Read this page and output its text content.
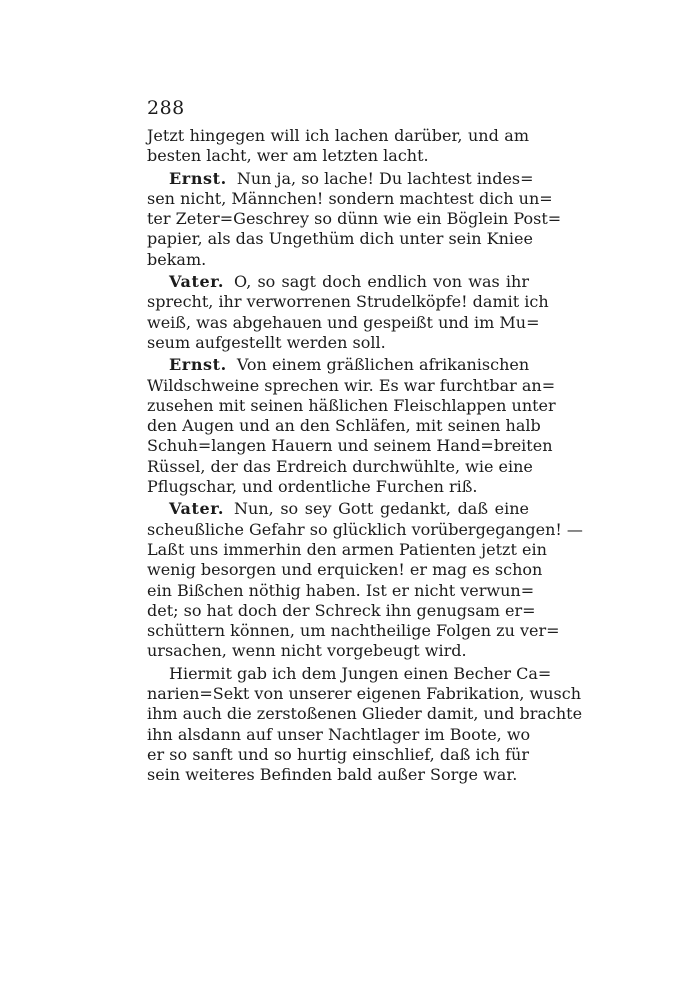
288
Jetzt hingegen will ich lachen darüber, und am
besten lacht, wer am letzten lacht.
Ernst. Nun ja, so lache! Du lachtest indes=
sen nicht, Männchen! sondern machtest dich un=
ter Zeter=Geschrey so dünn wie ein Böglein Post=
papier, als das Ungethüm dich unter sein Kniee
bekam.
Vater. O, so sagt doch endlich von was ihr
sprecht, ihr verworrenen Strudelköpfe! damit ich
weiß, was abgehauen und gespeißt und im Mu=
seum aufgestellt werden soll.
Ernst. Von einem gräßlichen afrikanischen
Wildschweine sprechen wir. Es war furchtbar an=
zusehen mit seinen häßlichen Fleischlappen unter
den Augen und an den Schläfen, mit seinen halb
Schuh=langen Hauern und seinem Hand=breiten
Rüssel, der das Erdreich durchwühlte, wie eine
Pflugschar, und ordentliche Furchen riß.
Vater. Nun, so sey Gott gedankt, daß eine
scheußliche Gefahr so glücklich vorübergegangen! —
Laßt uns immerhin den armen Patienten jetzt ein
wenig besorgen und erquicken! er mag es schon
ein Bißchen nöthig haben. Ist er nicht verwun=
det; so hat doch der Schreck ihn genugsam er=
schüttern können, um nachtheilige Folgen zu ver=
ursachen, wenn nicht vorgebeugt wird.
Hiermit gab ich dem Jungen einen Becher Ca=
narien=Sekt von unserer eigenen Fabrikation, wusch
ihm auch die zerstoßenen Glieder damit, und brachte
ihn alsdann auf unser Nachtlager im Boote, wo
er so sanft und so hurtig einschlief, daß ich für
sein weiteres Befinden bald außer Sorge war.
